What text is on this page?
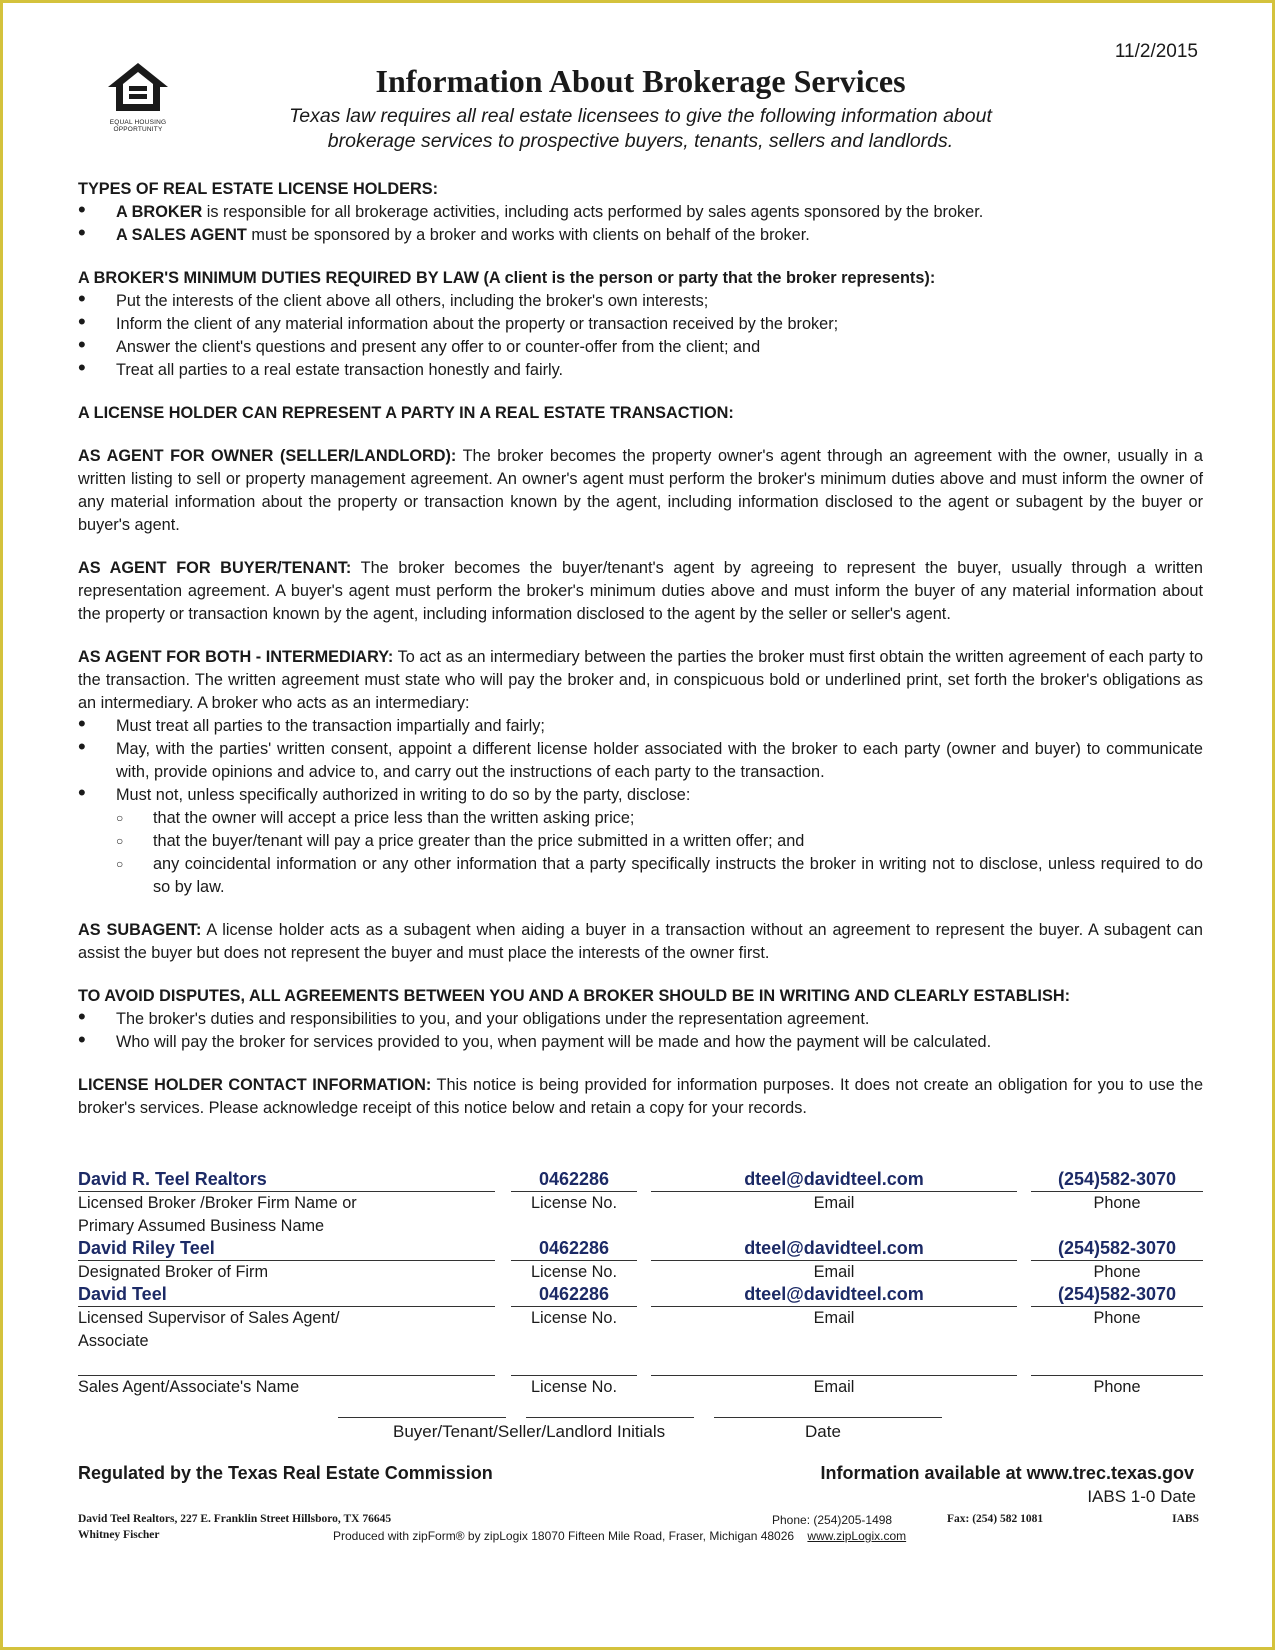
11/2/2015
EQUAL HOUSING OPPORTUNITY
Information About Brokerage Services
Texas law requires all real estate licensees to give the following information about
brokerage services to prospective buyers, tenants, sellers and landlords.
TYPES OF REAL ESTATE LICENSE HOLDERS:
• A BROKER is responsible for all brokerage activities, including acts performed by sales agents sponsored by the broker.
• A SALES AGENT must be sponsored by a broker and works with clients on behalf of the broker.
A BROKER'S MINIMUM DUTIES REQUIRED BY LAW (A client is the person or party that the broker represents):
• Put the interests of the client above all others, including the broker's own interests;
• Inform the client of any material information about the property or transaction received by the broker;
• Answer the client's questions and present any offer to or counter-offer from the client; and
• Treat all parties to a real estate transaction honestly and fairly.
A LICENSE HOLDER CAN REPRESENT A PARTY IN A REAL ESTATE TRANSACTION:
AS AGENT FOR OWNER (SELLER/LANDLORD): The broker becomes the property owner's agent through an agreement with the owner, usually in a written listing to sell or property management agreement. An owner's agent must perform the broker's minimum duties above and must inform the owner of any material information about the property or transaction known by the agent, including information disclosed to the agent or subagent by the buyer or buyer's agent.
AS AGENT FOR BUYER/TENANT: The broker becomes the buyer/tenant's agent by agreeing to represent the buyer, usually through a written representation agreement. A buyer's agent must perform the broker's minimum duties above and must inform the buyer of any material information about the property or transaction known by the agent, including information disclosed to the agent by the seller or seller's agent.
AS AGENT FOR BOTH - INTERMEDIARY: To act as an intermediary between the parties the broker must first obtain the written agreement of each party to the transaction. The written agreement must state who will pay the broker and, in conspicuous bold or underlined print, set forth the broker's obligations as an intermediary. A broker who acts as an intermediary:
• Must treat all parties to the transaction impartially and fairly;
• May, with the parties' written consent, appoint a different license holder associated with the broker to each party (owner and buyer) to communicate with, provide opinions and advice to, and carry out the instructions of each party to the transaction.
• Must not, unless specifically authorized in writing to do so by the party, disclose:
○ that the owner will accept a price less than the written asking price;
○ that the buyer/tenant will pay a price greater than the price submitted in a written offer; and
○ any coincidental information or any other information that a party specifically instructs the broker in writing not to disclose, unless required to do so by law.
AS SUBAGENT: A license holder acts as a subagent when aiding a buyer in a transaction without an agreement to represent the buyer. A subagent can assist the buyer but does not represent the buyer and must place the interests of the owner first.
TO AVOID DISPUTES, ALL AGREEMENTS BETWEEN YOU AND A BROKER SHOULD BE IN WRITING AND CLEARLY ESTABLISH:
• The broker's duties and responsibilities to you, and your obligations under the representation agreement.
• Who will pay the broker for services provided to you, when payment will be made and how the payment will be calculated.
LICENSE HOLDER CONTACT INFORMATION: This notice is being provided for information purposes. It does not create an obligation for you to use the broker's services. Please acknowledge receipt of this notice below and retain a copy for your records.
David R. Teel Realtors	0462286	dteel@davidteel.com	(254)582-3070
Licensed Broker /Broker Firm Name or
Primary Assumed Business Name
License No.	Email	Phone
David Riley Teel	0462286	dteel@davidteel.com	(254)582-3070
Designated Broker of Firm	License No.	Email	Phone
David Teel	0462286	dteel@davidteel.com	(254)582-3070
Licensed Supervisor of Sales Agent/
Associate
License No.	Email	Phone
Sales Agent/Associate's Name	License No.	Email	Phone
Buyer/Tenant/Seller/Landlord Initials	Date
Regulated by the Texas Real Estate Commission	Information available at www.trec.texas.gov
IABS 1-0 Date
David Teel Realtors, 227 E. Franklin Street Hillsboro, TX 76645
Whitney Fischer
Phone: (254)205-1498	Fax: (254) 582 1081	IABS
Produced with zipForm® by zipLogix 18070 Fifteen Mile Road, Fraser, Michigan 48026 www.zipLogix.com
